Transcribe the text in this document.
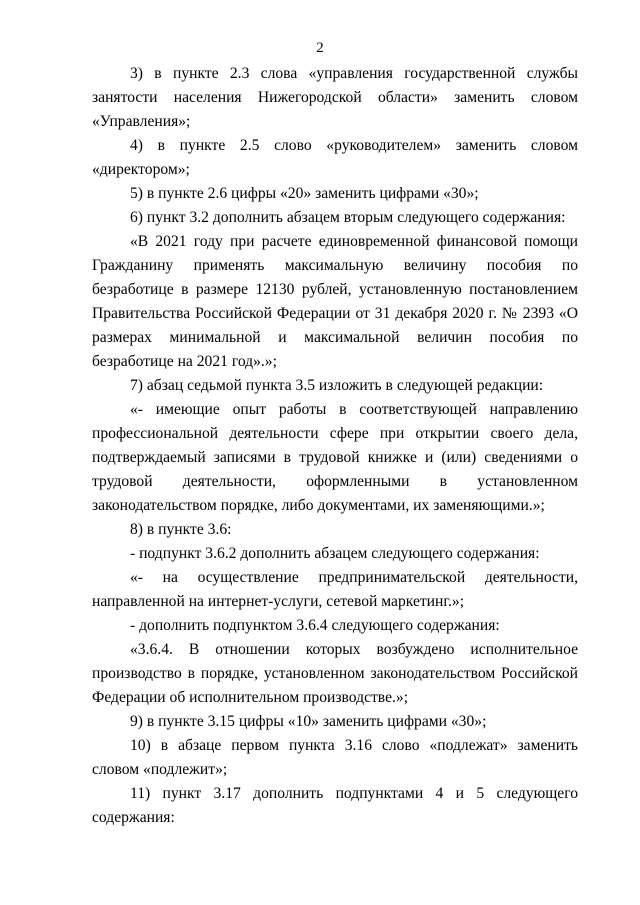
2

3) в пункте 2.3 слова «управления государственной службы занятости населения Нижегородской области» заменить словом «Управления»;

4) в пункте 2.5 слово «руководителем» заменить словом «директором»;

5) в пункте 2.6 цифры «20» заменить цифрами «30»;

6) пункт 3.2 дополнить абзацем вторым следующего содержания:

«В 2021 году при расчете единовременной финансовой помощи Гражданину применять максимальную величину пособия по безработице в размере 12130 рублей, установленную постановлением Правительства Российской Федерации от 31 декабря 2020 г. № 2393 «О размерах минимальной и максимальной величин пособия по безработице на 2021 год».»;

7) абзац седьмой пункта 3.5 изложить в следующей редакции:

«- имеющие опыт работы в соответствующей направлению профессиональной деятельности сфере при открытии своего дела, подтверждаемый записями в трудовой книжке и (или) сведениями о трудовой деятельности, оформленными в установленном законодательством порядке, либо документами, их заменяющими.»;

8) в пункте 3.6:

- подпункт 3.6.2 дополнить абзацем следующего содержания:

«- на осуществление предпринимательской деятельности, направленной на интернет-услуги, сетевой маркетинг.»;

- дополнить подпунктом 3.6.4 следующего содержания:

«3.6.4. В отношении которых возбуждено исполнительное производство в порядке, установленном законодательством Российской Федерации об исполнительном производстве.»;

9) в пункте 3.15 цифры «10» заменить цифрами «30»;

10) в абзаце первом пункта 3.16 слово «подлежат» заменить словом «подлежит»;

11) пункт 3.17 дополнить подпунктами 4 и 5 следующего содержания:
